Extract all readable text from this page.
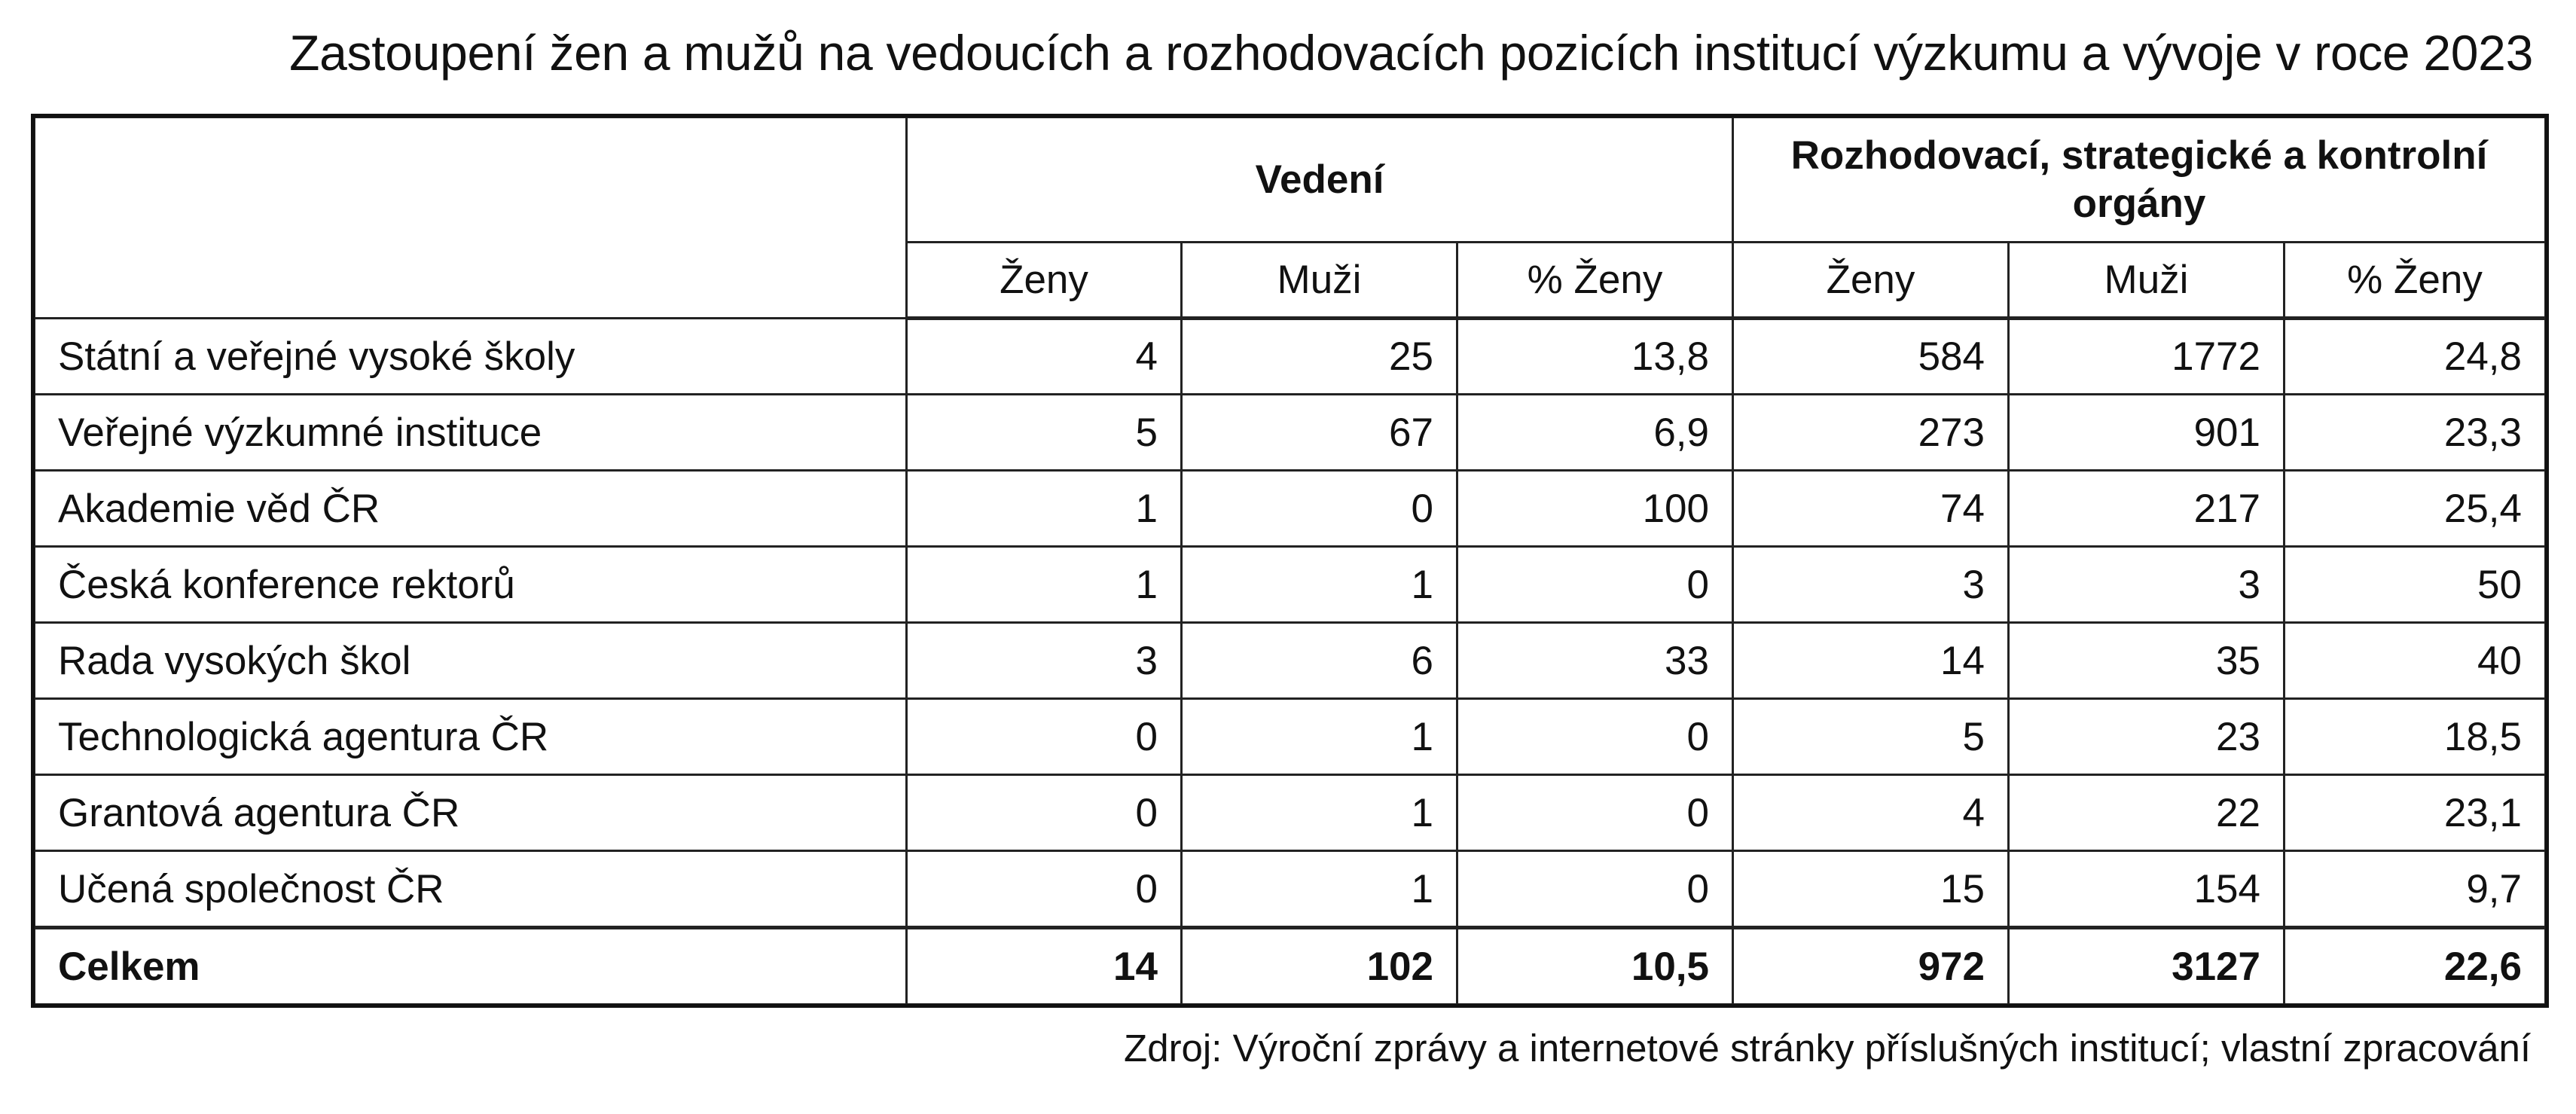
Zastoupení žen a mužů na vedoucích a rozhodovacích pozicích institucí výzkumu a vývoje v roce 2023
	Vedení			Rozhodovací, strategické a kontrolní orgány		
	Ženy	Muži	% Ženy	Ženy	Muži	% Ženy
Státní a veřejné vysoké školy	4	25	13,8	584	1772	24,8
Veřejné výzkumné instituce	5	67	6,9	273	901	23,3
Akademie věd ČR	1	0	100	74	217	25,4
Česká konference rektorů	1	1	0	3	3	50
Rada vysokých škol	3	6	33	14	35	40
Technologická agentura ČR	0	1	0	5	23	18,5
Grantová agentura ČR	0	1	0	4	22	23,1
Učená společnost ČR	0	1	0	15	154	9,7
Celkem	14	102	10,5	972	3127	22,6
Zdroj: Výroční zprávy a internetové stránky příslušných institucí; vlastní zpracování
